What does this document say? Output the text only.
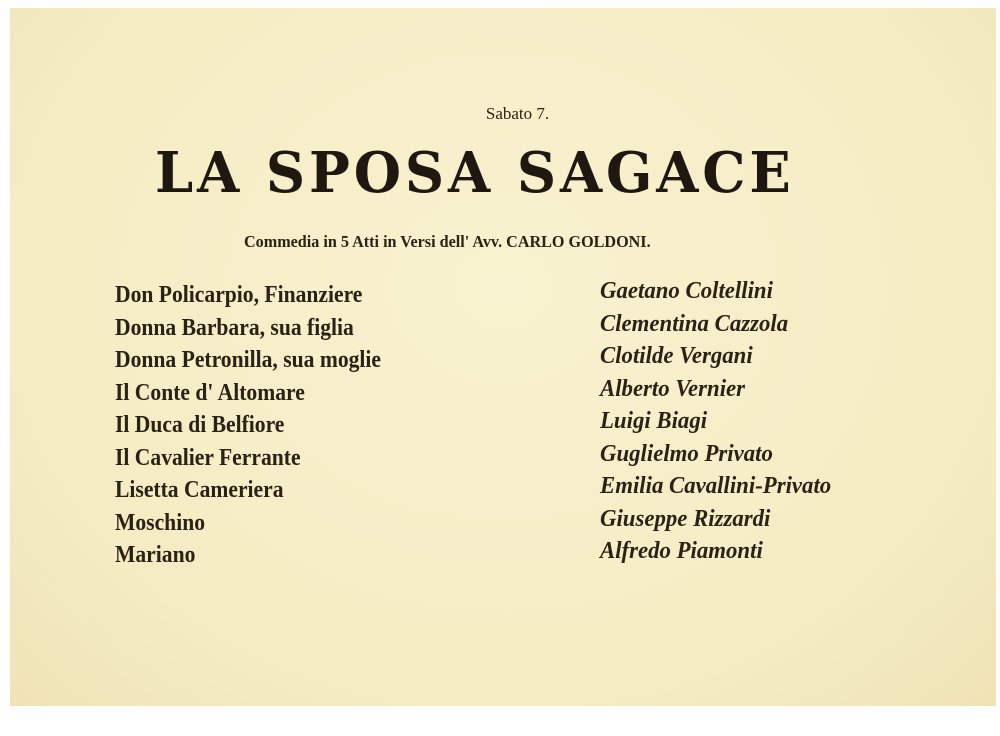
Sabato 7.
LA SPOSA SAGACE
Commedia in 5 Atti in Versi dell' Avv. CARLO GOLDONI.
Don Policarpio, Finanziere	Gaetano Coltellini
Donna Barbara, sua figlia	Clementina Cazzola
Donna Petronilla, sua moglie	Clotilde Vergani
Il Conte d' Altomare	Alberto Vernier
Il Duca di Belfiore	Luigi Biagi
Il Cavalier Ferrante	Guglielmo Privato
Lisetta Cameriera	Emilia Cavallini-Privato
Moschino	Giuseppe Rizzardi
Mariano	Alfredo Piamonti
